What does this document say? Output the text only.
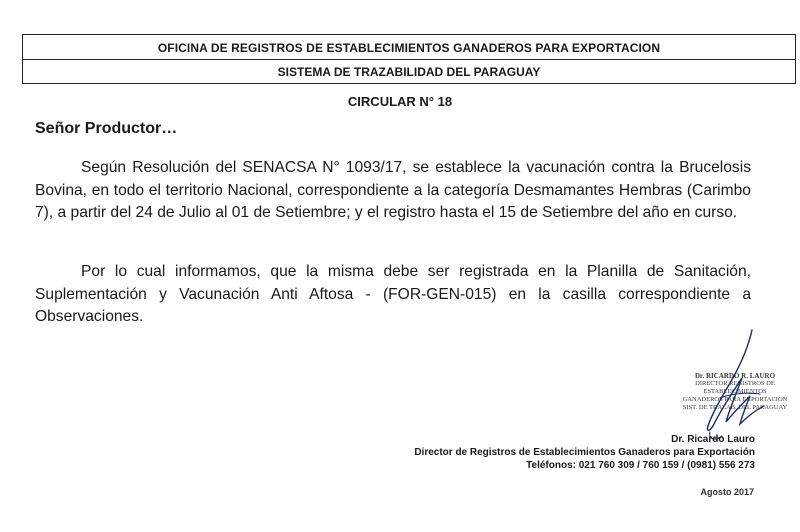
OFICINA DE REGISTROS DE ESTABLECIMIENTOS GANADEROS PARA EXPORTACION
SISTEMA DE TRAZABILIDAD DEL PARAGUAY
CIRCULAR N° 18
Señor Productor…

Según Resolución del SENACSA N° 1093/17, se establece la vacunación contra la Brucelosis Bovina, en todo el territorio Nacional, correspondiente a la categoría Desmamantes Hembras (Carimbo 7), a partir del 24 de Julio al 01 de Setiembre; y el registro hasta el 15 de Setiembre del año en curso.

Por lo cual informamos, que la misma debe ser registrada en la Planilla de Sanitación, Suplementación y Vacunación Anti Aftosa - (FOR-GEN-015) en la casilla correspondiente a Observaciones.

Dr. RICARDO R. LAURO
DIRECTOR REGISTROS DE ESTABLECIMIENTOS
GANADEROS PARA EXPORTACION
SIST. DE TRAZAB. DEL PARAGUAY
Dr. Ricardo Lauro
Director de Registros de Establecimientos Ganaderos para Exportación
Teléfonos: 021 760 309 / 760 159 / (0981) 556 273
Agosto 2017
